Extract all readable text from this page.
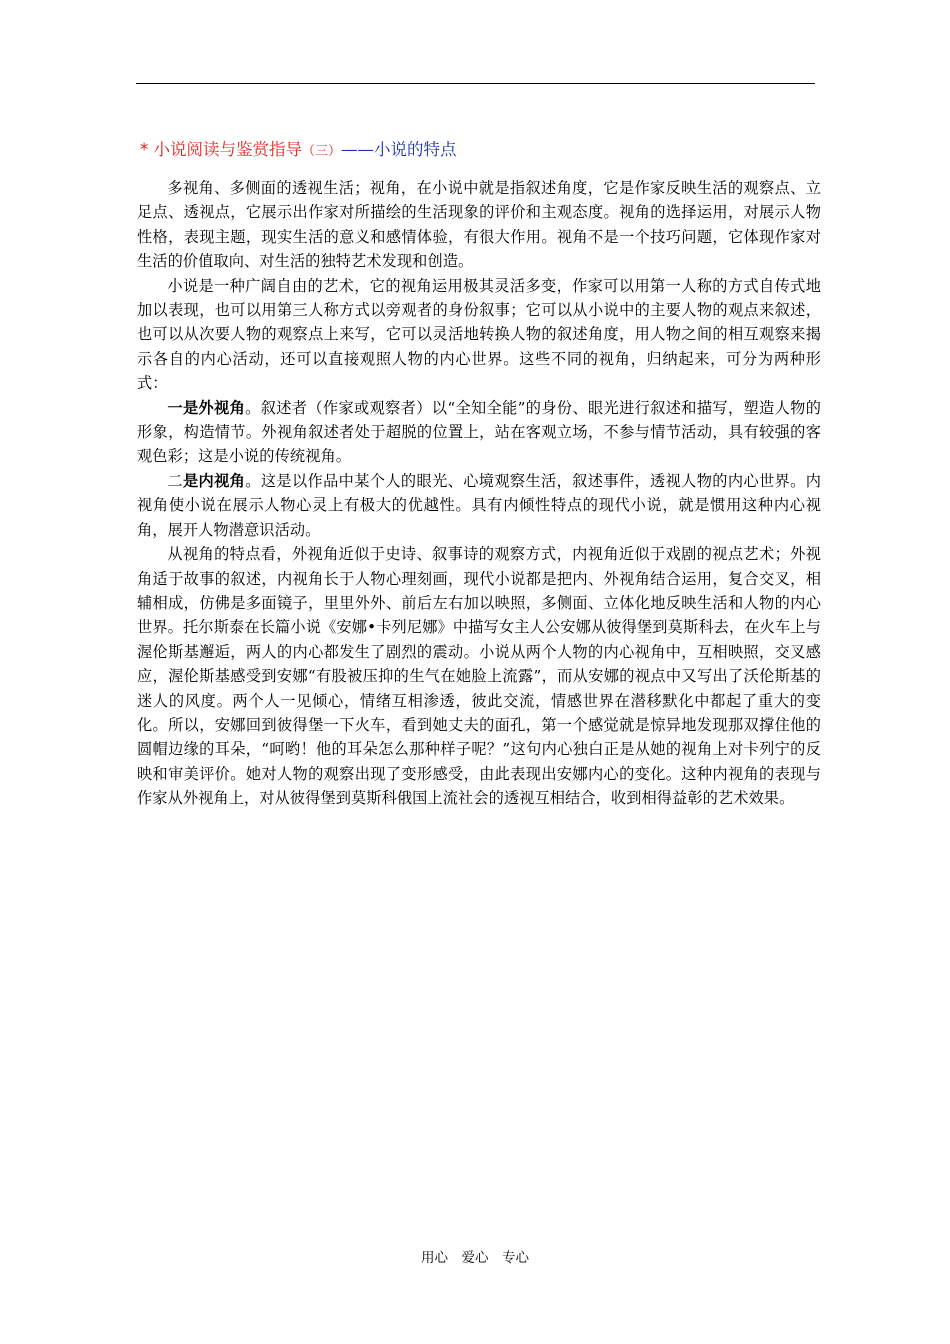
* 小说阅读与鉴赏指导（三）——小说的特点

多视角、多侧面的透视生活；视角，在小说中就是指叙述角度，它是作家反映生活的观察点、立足点、透视点，它展示出作家对所描绘的生活现象的评价和主观态度。视角的选择运用，对展示人物性格，表现主题，现实生活的意义和感情体验，有很大作用。视角不是一个技巧问题，它体现作家对生活的价值取向、对生活的独特艺术发现和创造。

小说是一种广阔自由的艺术，它的视角运用极其灵活多变，作家可以用第一人称的方式自传式地加以表现，也可以用第三人称方式以旁观者的身份叙事；它可以从小说中的主要人物的观点来叙述，也可以从次要人物的观察点上来写，它可以灵活地转换人物的叙述角度，用人物之间的相互观察来揭示各自的内心活动，还可以直接观照人物的内心世界。这些不同的视角，归纳起来，可分为两种形式：

一是外视角。叙述者（作家或观察者）以“全知全能”的身份、眼光进行叙述和描写，塑造人物的形象，构造情节。外视角叙述者处于超脱的位置上，站在客观立场，不参与情节活动，具有较强的客观色彩；这是小说的传统视角。

二是内视角。这是以作品中某个人的眼光、心境观察生活，叙述事件，透视人物的内心世界。内视角使小说在展示人物心灵上有极大的优越性。具有内倾性特点的现代小说，就是惯用这种内心视角，展开人物潜意识活动。

从视角的特点看，外视角近似于史诗、叙事诗的观察方式，内视角近似于戏剧的视点艺术；外视角适于故事的叙述，内视角长于人物心理刻画，现代小说都是把内、外视角结合运用，复合交叉，相辅相成，仿佛是多面镜子，里里外外、前后左右加以映照，多侧面、立体化地反映生活和人物的内心世界。托尔斯泰在长篇小说《安娜•卡列尼娜》中描写女主人公安娜从彼得堡到莫斯科去，在火车上与渥伦斯基邂逅，两人的内心都发生了剧烈的震动。小说从两个人物的内心视角中，互相映照，交叉感应，渥伦斯基感受到安娜“有股被压抑的生气在她脸上流露”，而从安娜的视点中又写出了沃伦斯基的迷人的风度。两个人一见倾心，情绪互相渗透，彼此交流，情感世界在潜移默化中都起了重大的变化。所以，安娜回到彼得堡一下火车，看到她丈夫的面孔，第一个感觉就是惊异地发现那双撑住他的圆帽边缘的耳朵，“呵哟！他的耳朵怎么那种样子呢？”这句内心独白正是从她的视角上对卡列宁的反映和审美评价。她对人物的观察出现了变形感受，由此表现出安娜内心的变化。这种内视角的表现与作家从外视角上，对从彼得堡到莫斯科俄国上流社会的透视互相结合，收到相得益彰的艺术效果。

用心　爱心　专心
